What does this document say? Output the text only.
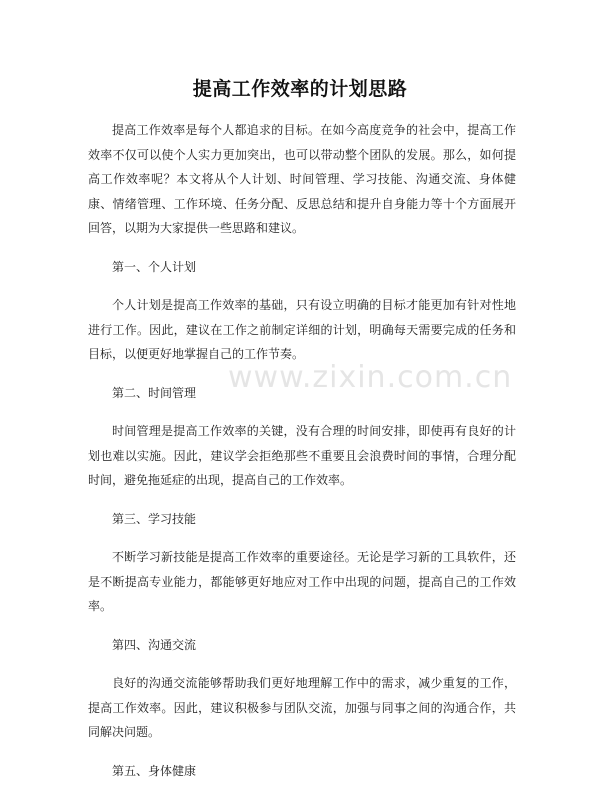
提高工作效率的计划思路

提高工作效率是每个人都追求的目标。在如今高度竞争的社会中，提高工作效率不仅可以使个人实力更加突出，也可以带动整个团队的发展。那么，如何提高工作效率呢？本文将从个人计划、时间管理、学习技能、沟通交流、身体健康、情绪管理、工作环境、任务分配、反思总结和提升自身能力等十个方面展开回答，以期为大家提供一些思路和建议。

第一、个人计划

个人计划是提高工作效率的基础，只有设立明确的目标才能更加有针对性地进行工作。因此，建议在工作之前制定详细的计划，明确每天需要完成的任务和目标，以便更好地掌握自己的工作节奏。

第二、时间管理

时间管理是提高工作效率的关键，没有合理的时间安排，即使再有良好的计划也难以实施。因此，建议学会拒绝那些不重要且会浪费时间的事情，合理分配时间，避免拖延症的出现，提高自己的工作效率。

第三、学习技能

不断学习新技能是提高工作效率的重要途径。无论是学习新的工具软件，还是不断提高专业能力，都能够更好地应对工作中出现的问题，提高自己的工作效率。

第四、沟通交流

良好的沟通交流能够帮助我们更好地理解工作中的需求，减少重复的工作，提高工作效率。因此，建议积极参与团队交流，加强与同事之间的沟通合作，共同解决问题。

第五、身体健康

www.zixin.com.cn
